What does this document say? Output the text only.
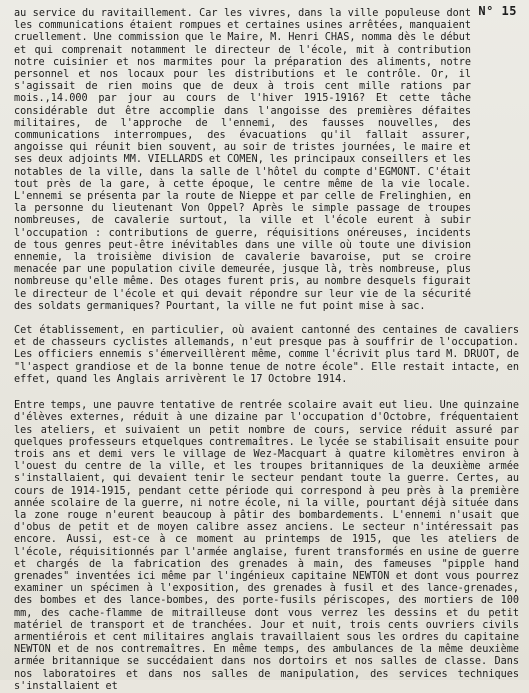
N° 15

au service du ravitaillement. Car les vivres, dans la ville populeuse dont les communications étaient rompues et certaines usines arrêtées, manquaient cruellement. Une commission que le Maire, M. Henri CHAS, nomma dès le début et qui comprenait notamment le directeur de l'école, mit à contribution notre cuisinier et nos marmites pour la préparation des aliments, notre personnel et nos locaux pour les distributions et le contrôle. Or, il s'agissait de rien moins que de deux à trois cent mille rations par mois.,14.000 par jour au cours de l'hiver 1915-1916? Et cette tâche considérable dut être accomplie dans l'angoisse des premières défaites militaires, de l'approche de l'ennemi, des fausses nouvelles, des communications interrompues, des évacuations qu'il fallait assurer, angoisse qui réunit bien souvent, au soir de tristes journées, le maire et ses deux adjoints MM. VIELLARDS et COMEN, les principaux conseillers et les notables de la ville, dans la salle de l'hôtel du compte d'EGMONT. C'était tout près de la gare, à cette époque, le centre même de la vie locale. L'ennemi se présenta par la route de Nieppe et par celle de Frelinghien, en la personne du lieutenant Von Oppel? Après le simple passage de troupes nombreuses, de cavalerie surtout, la ville et l'école eurent à subir l'occupation : contributions de guerre, réquisitions onéreuses, incidents de tous genres peut-être inévitables dans une ville où toute une division ennemie, la troisième division de cavalerie bavaroise, put se croire menacée par une population civile demeurée, jusque là, très nombreuse, plus nombreuse qu'elle même. Des otages furent pris, au nombre desquels figurait le directeur de l'école et qui devait répondre sur leur vie de la sécurité des soldats germaniques? Pourtant, la ville ne fut point mise à sac.

Cet établissement, en particulier, où avaient cantonné des centaines de cavaliers et de chasseurs cyclistes allemands, n'eut presque pas à souffrir de l'occupation. Les officiers ennemis s'émerveillèrent même, comme l'écrivit plus tard M. DRUOT, de "l'aspect grandiose et de la bonne tenue de notre école". Elle restait intacte, en effet, quand les Anglais arrivèrent le 17 Octobre 1914.

Entre temps, une pauvre tentative de rentrée scolaire avait eut lieu. Une quinzaine d'élèves externes, réduit à une dizaine par l'occupation d'Octobre, fréquentaient les ateliers, et suivaient un petit nombre de cours, service réduit assuré par quelques professeurs etquelques contremaîtres. Le lycée se stabilisait ensuite pour trois ans et demi vers le village de Wez-Macquart à quatre kilomètres environ à l'ouest du centre de la ville, et les troupes britanniques de la deuxième armée s'installaient, qui devaient tenir le secteur pendant toute la guerre. Certes, au cours de 1914-1915, pendant cette période qui correspond à peu près à la première année scolaire de la guerre, ni notre école, ni la ville, pourtant déjà située dans la zone rouge n'eurent beaucoup à pâtir des bombardements. L'ennemi n'usait que d'obus de petit et de moyen calibre assez anciens. Le secteur n'intéressait pas encore. Aussi, est-ce à ce moment au printemps de 1915, que les ateliers de l'école, réquisitionnés par l'armée anglaise, furent transformés en usine de guerre et chargés de la fabrication des grenades à main, des fameuses "pipple hand grenades" inventées ici même par l'ingénieux capitaine NEWTON et dont vous pourrez examiner un spécimen à l'exposition, des grenades à fusil et des lance-grenades, des bombes et des lance-bombes, des porte-fusils périscopes, des mortiers de 100 mm, des cache-flamme de mitrailleuse dont vous verrez les dessins et du petit matériel de transport et de tranchées. Jour et nuit, trois cents ouvriers civils armentiérois et cent militaires anglais travaillaient sous les ordres du capitaine NEWTON et de nos contremaîtres. En même temps, des ambulances de la même deuxième armée britannique se succédaient dans nos dortoirs et nos salles de classe. Dans nos laboratoires et dans nos salles de manipulation, des services techniques s'installaient et
